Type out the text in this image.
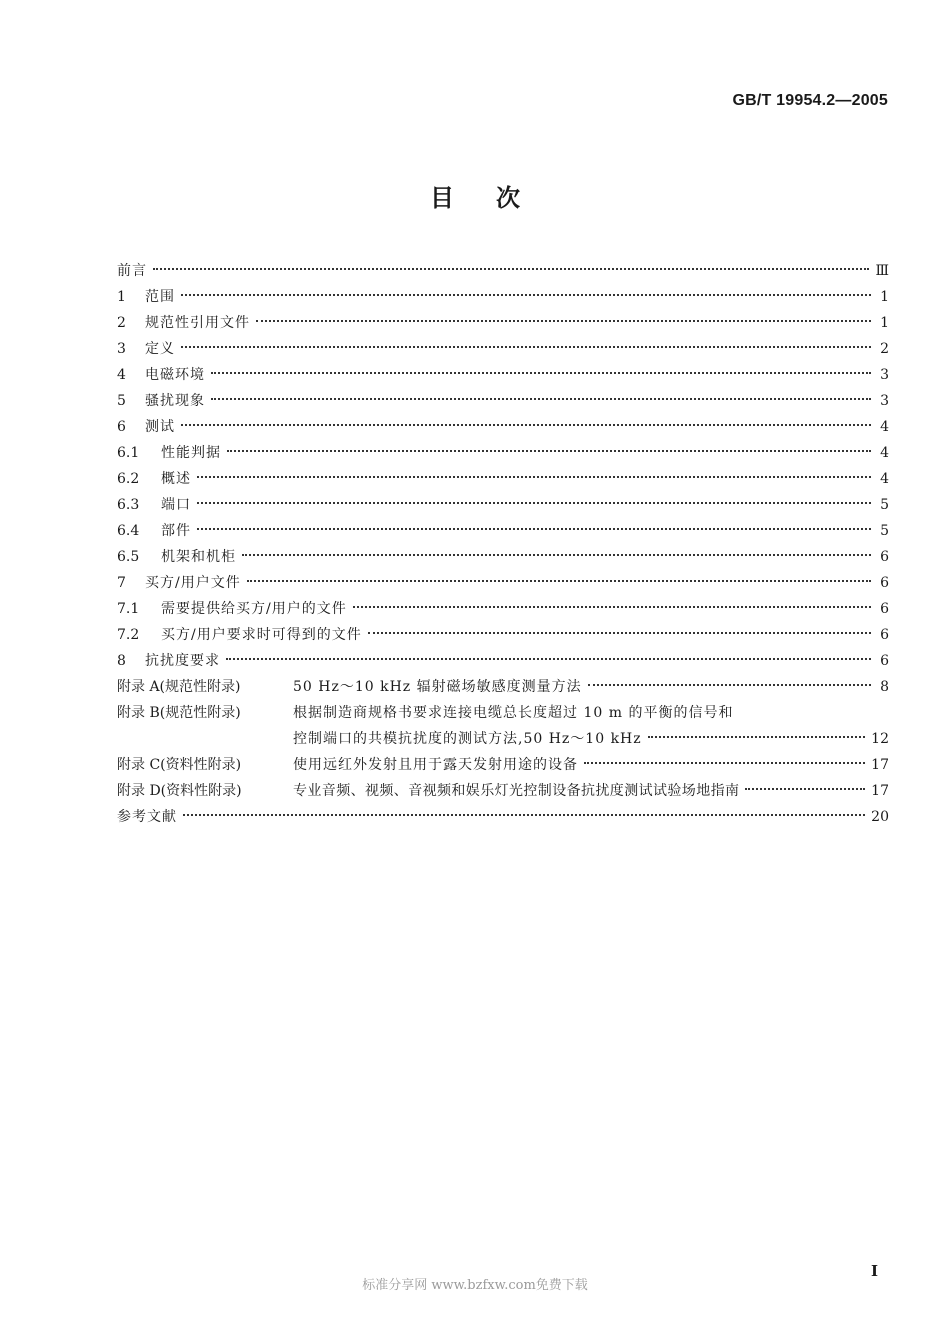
GB/T 19954.2—2005
目次
前言	Ⅲ
1	范围	1
2	规范性引用文件	1
3	定义	2
4	电磁环境	3
5	骚扰现象	3
6	测试	4
6.1	性能判据	4
6.2	概述	4
6.3	端口	5
6.4	部件	5
6.5	机架和机柜	6
7	买方/用户文件	6
7.1	需要提供给买方/用户的文件	6
7.2	买方/用户要求时可得到的文件	6
8	抗扰度要求	6
附录 A(规范性附录)	50 Hz～10 kHz 辐射磁场敏感度测量方法	8
附录 B(规范性附录)	根据制造商规格书要求连接电缆总长度超过 10 m 的平衡的信号和
控制端口的共模抗扰度的测试方法,50 Hz～10 kHz	12
附录 C(资料性附录)	使用远红外发射且用于露天发射用途的设备	17
附录 D(资料性附录)	专业音频、视频、音视频和娱乐灯光控制设备抗扰度测试试验场地指南	17
参考文献	20
I
标准分享网 www.bzfxw.com免费下载
